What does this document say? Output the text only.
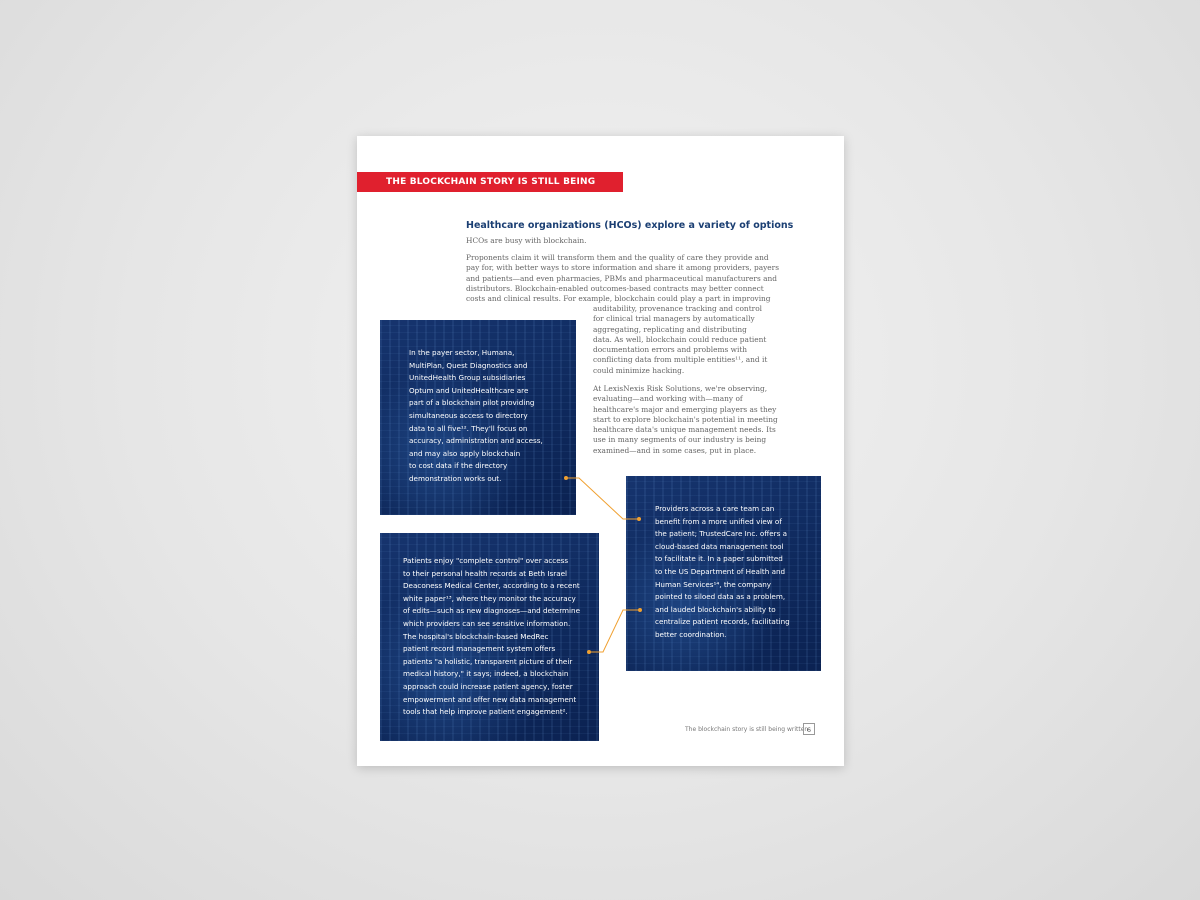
THE BLOCKCHAIN STORY IS STILL BEING WRITTEN
Healthcare organizations (HCOs) explore a variety of options
HCOs are busy with blockchain.
Proponents claim it will transform them and the quality of care they provide and
pay for, with better ways to store information and share it among providers, payers
and patients—and even pharmacies, PBMs and pharmaceutical manufacturers and
distributors. Blockchain-enabled outcomes-based contracts may better connect
costs and clinical results. For example, blockchain could play a part in improving
auditability, provenance tracking and control
for clinical trial managers by automatically
aggregating, replicating and distributing
data. As well, blockchain could reduce patient
documentation errors and problems with
conflicting data from multiple entities¹¹, and it
could minimize hacking.
At LexisNexis Risk Solutions, we're observing,
evaluating—and working with—many of
healthcare's major and emerging players as they
start to explore blockchain's potential in meeting
healthcare data's unique management needs. Its
use in many segments of our industry is being
examined—and in some cases, put in place.
In the payer sector, Humana,
MultiPlan, Quest Diagnostics and
UnitedHealth Group subsidiaries
Optum and UnitedHealthcare are
part of a blockchain pilot providing
simultaneous access to directory
data to all five¹². They'll focus on
accuracy, administration and access,
and may also apply blockchain
to cost data if the directory
demonstration works out.
Providers across a care team can
benefit from a more unified view of
the patient; TrustedCare Inc. offers a
cloud-based data management tool
to facilitate it. In a paper submitted
to the US Department of Health and
Human Services¹⁴, the company
pointed to siloed data as a problem,
and lauded blockchain's ability to
centralize patient records, facilitating
better coordination.
Patients enjoy "complete control" over access
to their personal health records at Beth Israel
Deaconess Medical Center, according to a recent
white paper¹³, where they monitor the accuracy
of edits—such as new diagnoses—and determine
which providers can see sensitive information.
The hospital's blockchain-based MedRec
patient record management system offers
patients "a holistic, transparent picture of their
medical history," it says; indeed, a blockchain
approach could increase patient agency, foster
empowerment and offer new data management
tools that help improve patient engagement².
The blockchain story is still being written
6
